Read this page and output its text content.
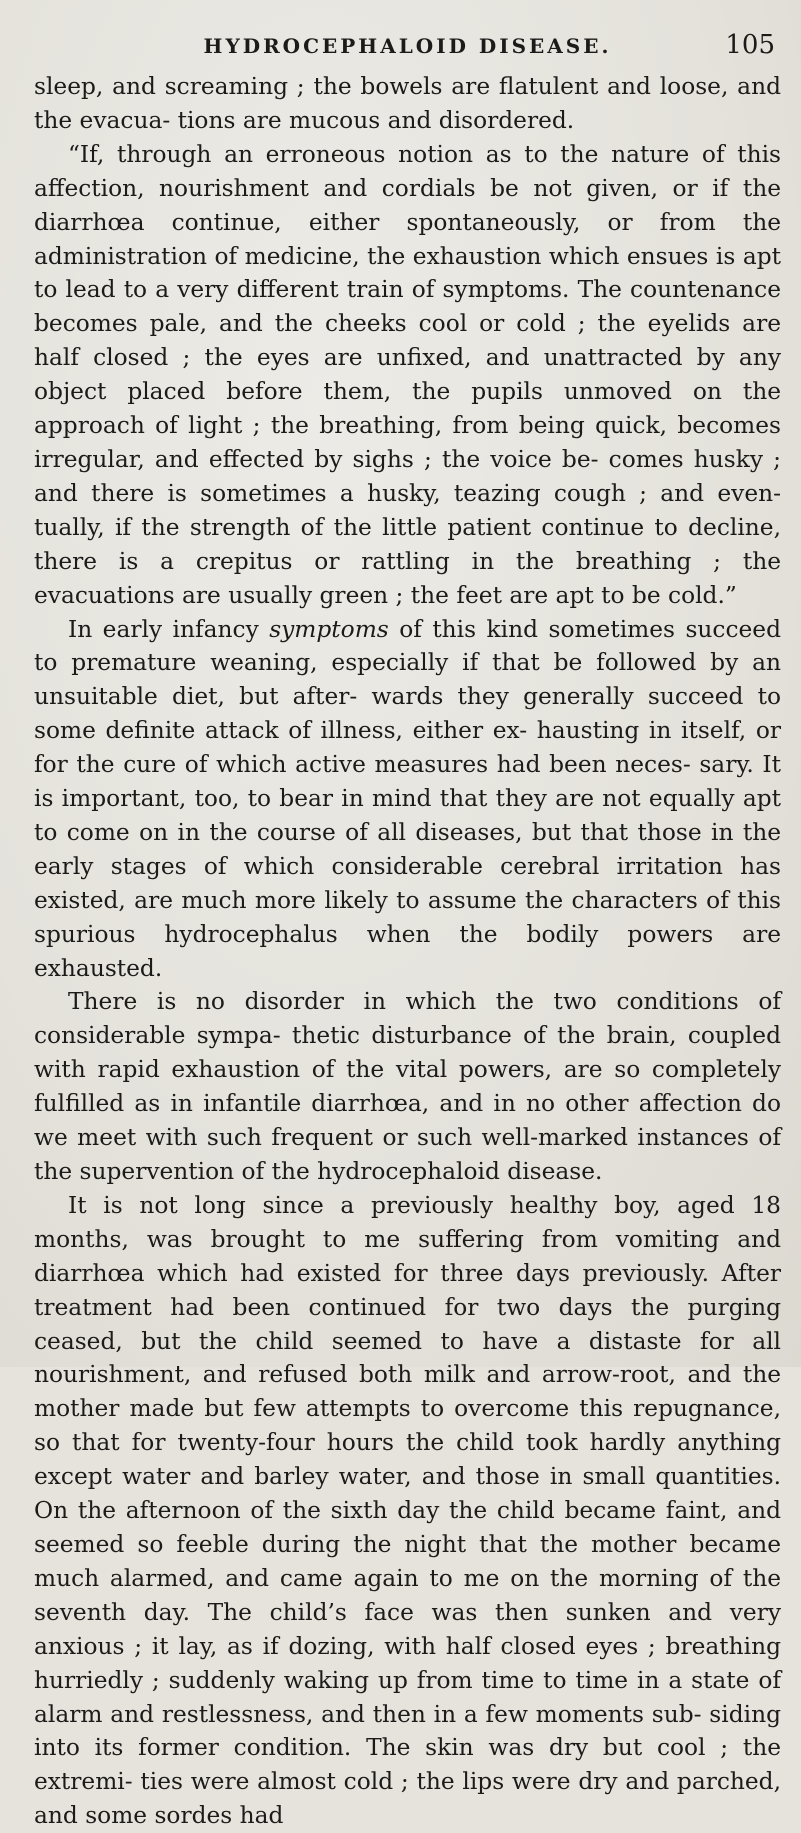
HYDROCEPHALOID DISEASE.	105

sleep, and screaming ; the bowels are flatulent and loose, and the evacua- tions are mucous and disordered.

“If, through an erroneous notion as to the nature of this affection, nourishment and cordials be not given, or if the diarrhœa continue, either spontaneously, or from the administration of medicine, the exhaustion which ensues is apt to lead to a very different train of symptoms. The countenance becomes pale, and the cheeks cool or cold ; the eyelids are half closed ; the eyes are unfixed, and unattracted by any object placed before them, the pupils unmoved on the approach of light ; the breathing, from being quick, becomes irregular, and effected by sighs ; the voice be- comes husky ; and there is sometimes a husky, teazing cough ; and even- tually, if the strength of the little patient continue to decline, there is a crepitus or rattling in the breathing ; the evacuations are usually green ; the feet are apt to be cold.”

In early infancy symptoms of this kind sometimes succeed to premature weaning, especially if that be followed by an unsuitable diet, but after- wards they generally succeed to some definite attack of illness, either ex- hausting in itself, or for the cure of which active measures had been neces- sary. It is important, too, to bear in mind that they are not equally apt to come on in the course of all diseases, but that those in the early stages of which considerable cerebral irritation has existed, are much more likely to assume the characters of this spurious hydrocephalus when the bodily powers are exhausted.

There is no disorder in which the two conditions of considerable sympa- thetic disturbance of the brain, coupled with rapid exhaustion of the vital powers, are so completely fulfilled as in infantile diarrhœa, and in no other affection do we meet with such frequent or such well-marked instances of the supervention of the hydrocephaloid disease.

It is not long since a previously healthy boy, aged 18 months, was brought to me suffering from vomiting and diarrhœa which had existed for three days previously. After treatment had been continued for two days the purging ceased, but the child seemed to have a distaste for all nourishment, and refused both milk and arrow-root, and the mother made but few attempts to overcome this repugnance, so that for twenty-four hours the child took hardly anything except water and barley water, and those in small quantities. On the afternoon of the sixth day the child became faint, and seemed so feeble during the night that the mother became much alarmed, and came again to me on the morning of the seventh day. The child’s face was then sunken and very anxious ; it lay, as if dozing, with half closed eyes ; breathing hurriedly ; suddenly waking up from time to time in a state of alarm and restlessness, and then in a few moments sub- siding into its former condition. The skin was dry but cool ; the extremi- ties were almost cold ; the lips were dry and parched, and some sordes had
